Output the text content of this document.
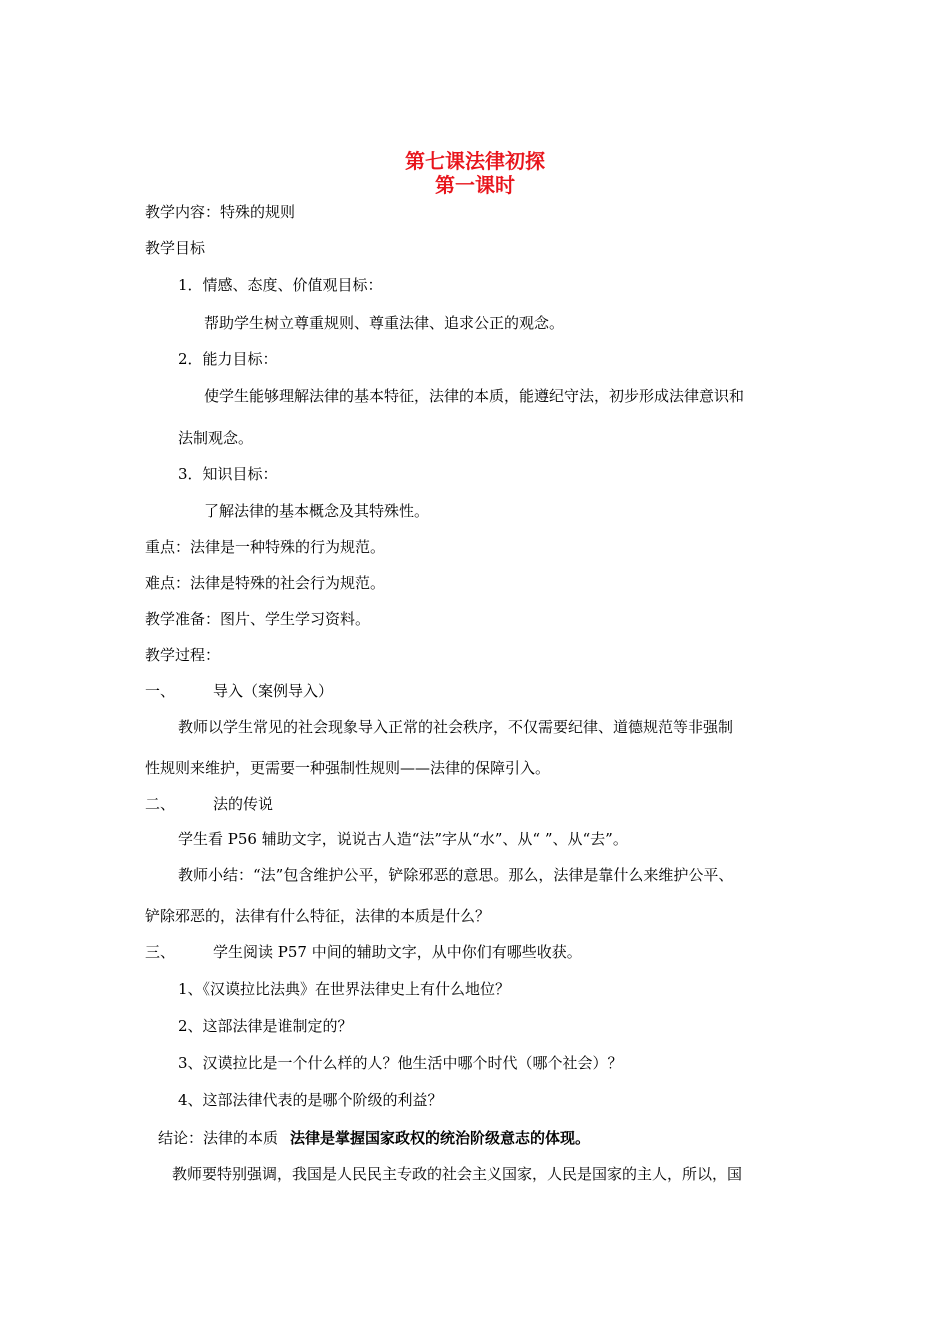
第七课法律初探
第一课时
教学内容：特殊的规则
教学目标
1．情感、态度、价值观目标：
帮助学生树立尊重规则、尊重法律、追求公正的观念。
2．能力目标：
使学生能够理解法律的基本特征，法律的本质，能遵纪守法，初步形成法律意识和
法制观念。
3．知识目标：
了解法律的基本概念及其特殊性。
重点：法律是一种特殊的行为规范。
难点：法律是特殊的社会行为规范。
教学准备：图片、学生学习资料。
教学过程：
一、	导入（案例导入）
教师以学生常见的社会现象导入正常的社会秩序，不仅需要纪律、道德规范等非强制
性规则来维护，更需要一种强制性规则——法律的保障引入。
二、	法的传说
学生看 P56 辅助文字，说说古人造“法”字从“水”、从“ ”、从“去”。
教师小结：“法”包含维护公平，铲除邪恶的意思。那么，法律是靠什么来维护公平、
铲除邪恶的，法律有什么特征，法律的本质是什么？
三、	学生阅读 P57 中间的辅助文字，从中你们有哪些收获。
1、《汉谟拉比法典》在世界法律史上有什么地位？
2、这部法律是谁制定的？
3、汉谟拉比是一个什么样的人？他生活中哪个时代（哪个社会）？
4、这部法律代表的是哪个阶级的利益？
结论：法律的本质 法律是掌握国家政权的统治阶级意志的体现。
教师要特别强调，我国是人民民主专政的社会主义国家，人民是国家的主人，所以，国
